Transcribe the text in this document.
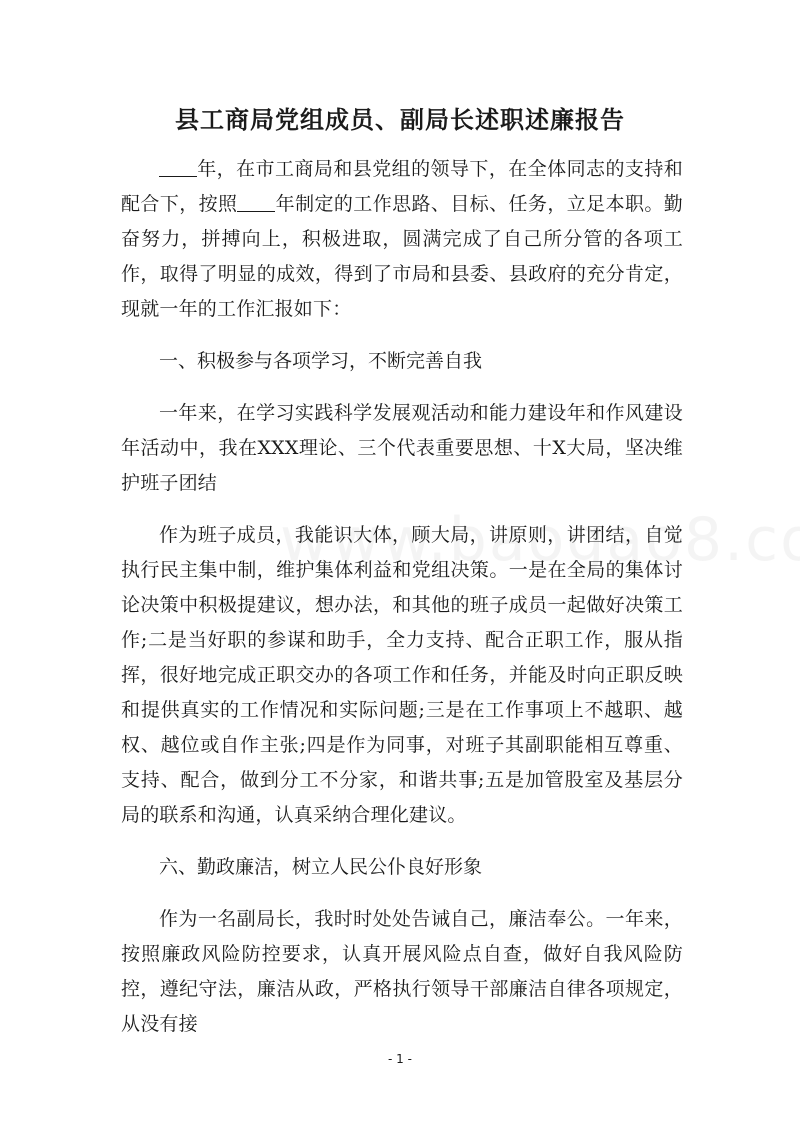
县工商局党组成员、副局长述职述廉报告

年，在市工商局和县党组的领导下，在全体同志的支持和配合下，按照 年制定的工作思路、目标、任务，立足本职。勤奋努力，拼搏向上，积极进取，圆满完成了自己所分管的各项工作，取得了明显的成效，得到了市局和县委、县政府的充分肯定，现就一年的工作汇报如下：

一、积极参与各项学习，不断完善自我

一年来，在学习实践科学发展观活动和能力建设年和作风建设年活动中，我在XXX理论、三个代表重要思想、十X大局，坚决维护班子团结

作为班子成员，我能识大体，顾大局，讲原则，讲团结，自觉执行民主集中制，维护集体利益和党组决策。一是在全局的集体讨论决策中积极提建议，想办法，和其他的班子成员一起做好决策工作;二是当好职的参谋和助手，全力支持、配合正职工作，服从指挥，很好地完成正职交办的各项工作和任务，并能及时向正职反映和提供真实的工作情况和实际问题;三是在工作事项上不越职、越权、越位或自作主张;四是作为同事，对班子其副职能相互尊重、支持、配合，做到分工不分家，和谐共事;五是加管股室及基层分局的联系和沟通，认真采纳合理化建议。

六、勤政廉洁，树立人民公仆良好形象

作为一名副局长，我时时处处告诫自己，廉洁奉公。一年来，按照廉政风险防控要求，认真开展风险点自查，做好自我风险防控，遵纪守法，廉洁从政，严格执行领导干部廉洁自律各项规定，从没有接

- 1 -
